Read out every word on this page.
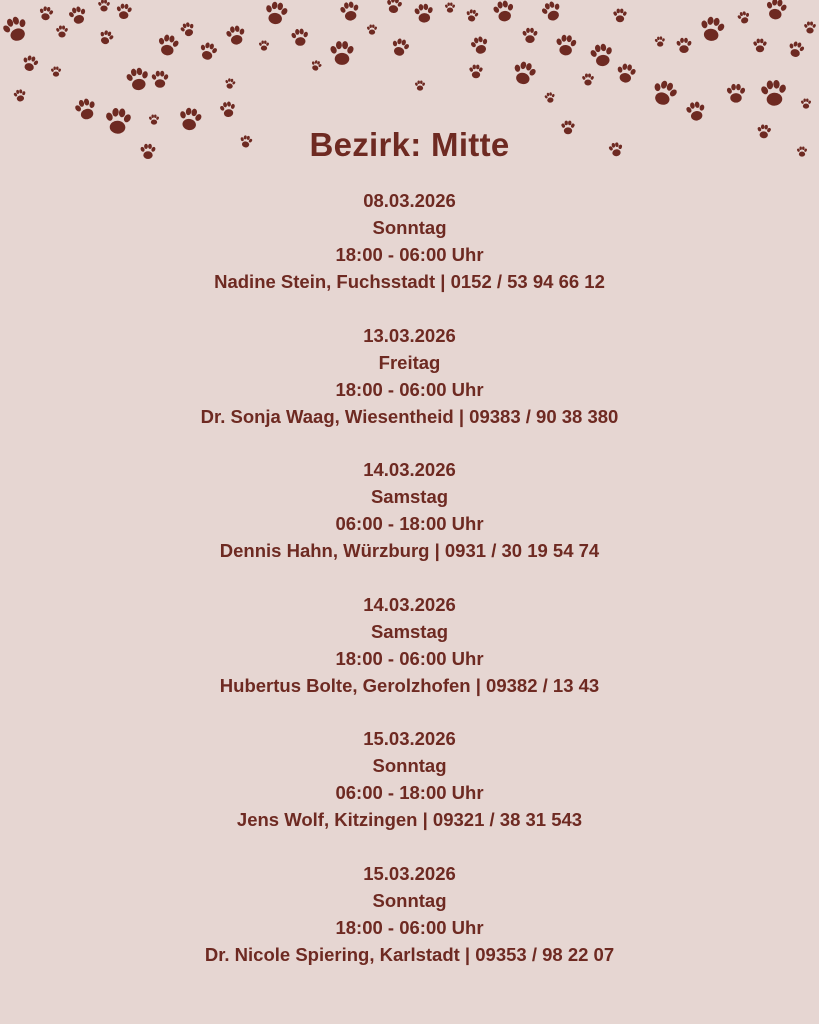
Bezirk: Mitte
08.03.2026
Sonntag
18:00 - 06:00 Uhr
Nadine Stein, Fuchsstadt | 0152 / 53 94 66 12
13.03.2026
Freitag
18:00 - 06:00 Uhr
Dr. Sonja Waag, Wiesentheid | 09383 / 90 38 380
14.03.2026
Samstag
06:00 - 18:00 Uhr
Dennis Hahn, Würzburg | 0931 / 30 19 54 74
14.03.2026
Samstag
18:00 - 06:00 Uhr
Hubertus Bolte, Gerolzhofen | 09382 / 13 43
15.03.2026
Sonntag
06:00 - 18:00 Uhr
Jens Wolf, Kitzingen | 09321 / 38 31 543
15.03.2026
Sonntag
18:00 - 06:00 Uhr
Dr. Nicole Spiering, Karlstadt | 09353 / 98 22 07
